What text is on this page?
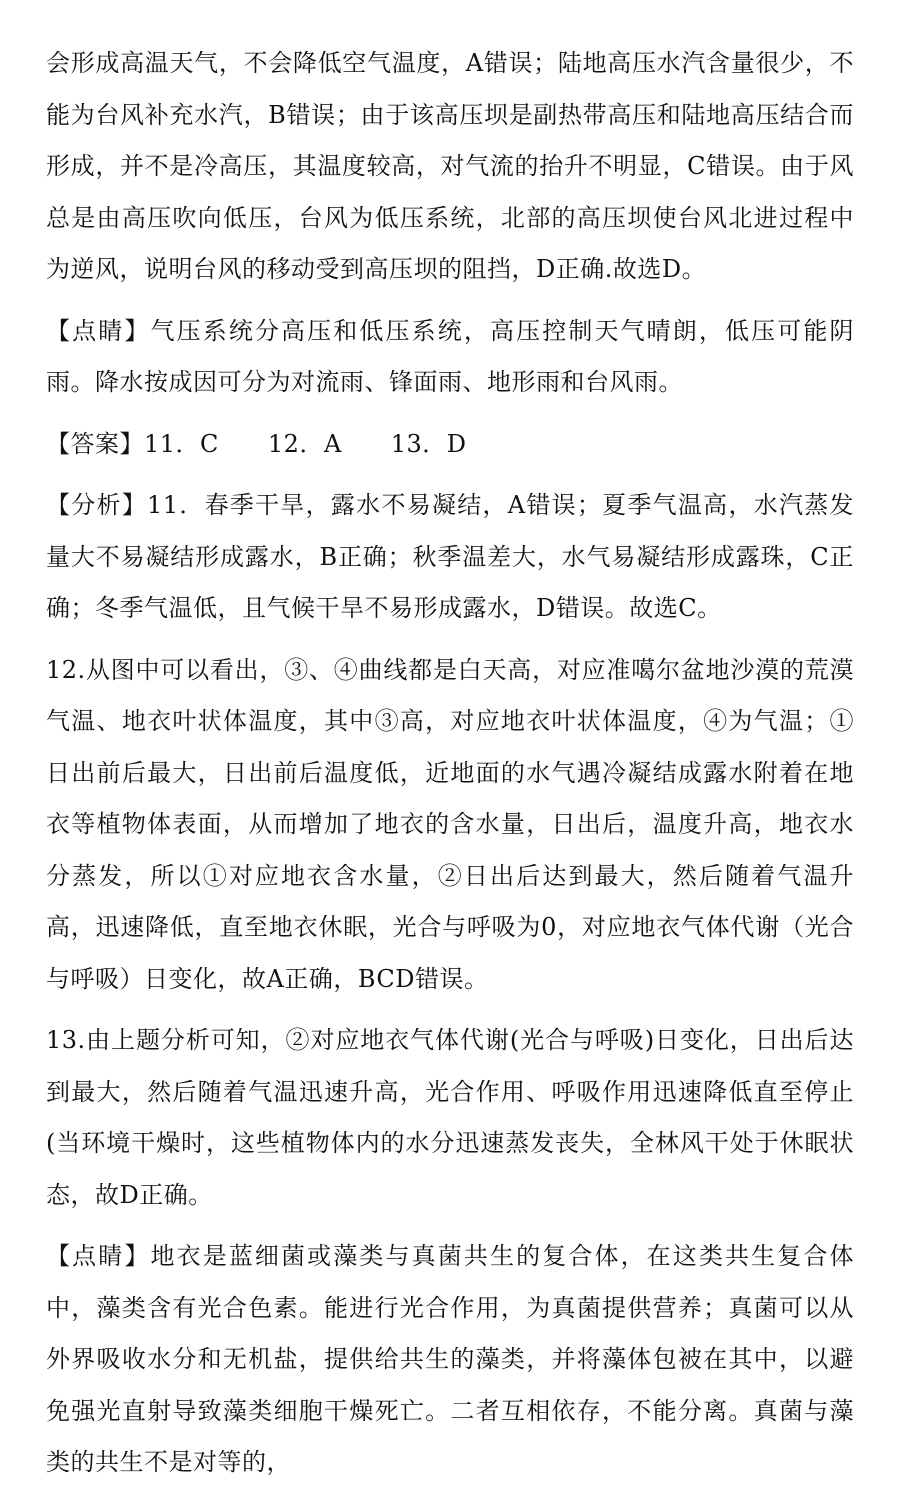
会形成高温天气，不会降低空气温度，A错误；陆地高压水汽含量很少，不能为台风补充水汽，B错误；由于该高压坝是副热带高压和陆地高压结合而形成，并不是冷高压，其温度较高，对气流的抬升不明显，C错误。由于风总是由高压吹向低压，台风为低压系统，北部的高压坝使台风北进过程中为逆风，说明台风的移动受到高压坝的阻挡，D正确.故选D。

【点睛】气压系统分高压和低压系统，高压控制天气晴朗，低压可能阴雨。降水按成因可分为对流雨、锋面雨、地形雨和台风雨。

【答案】11．C　　12．A　　13．D

【分析】11．春季干旱，露水不易凝结，A错误；夏季气温高，水汽蒸发量大不易凝结形成露水，B正确；秋季温差大，水气易凝结形成露珠，C正确；冬季气温低，且气候干旱不易形成露水，D错误。故选C。

12.从图中可以看出，③、④曲线都是白天高，对应准噶尔盆地沙漠的荒漠气温、地衣叶状体温度，其中③高，对应地衣叶状体温度，④为气温；①日出前后最大，日出前后温度低，近地面的水气遇冷凝结成露水附着在地衣等植物体表面，从而增加了地衣的含水量，日出后，温度升高，地衣水分蒸发，所以①对应地衣含水量，②日出后达到最大，然后随着气温升高，迅速降低，直至地衣休眠，光合与呼吸为0，对应地衣气体代谢（光合与呼吸）日变化，故A正确，BCD错误。

13.由上题分析可知，②对应地衣气体代谢(光合与呼吸)日变化，日出后达到最大，然后随着气温迅速升高，光合作用、呼吸作用迅速降低直至停止(当环境干燥时，这些植物体内的水分迅速蒸发丧失，全林风干处于休眠状态，故D正确。

【点睛】地衣是蓝细菌或藻类与真菌共生的复合体，在这类共生复合体中，藻类含有光合色素。能进行光合作用，为真菌提供营养；真菌可以从外界吸收水分和无机盐，提供给共生的藻类，并将藻体包被在其中，以避免强光直射导致藻类细胞干燥死亡。二者互相依存，不能分离。真菌与藻类的共生不是对等的，
